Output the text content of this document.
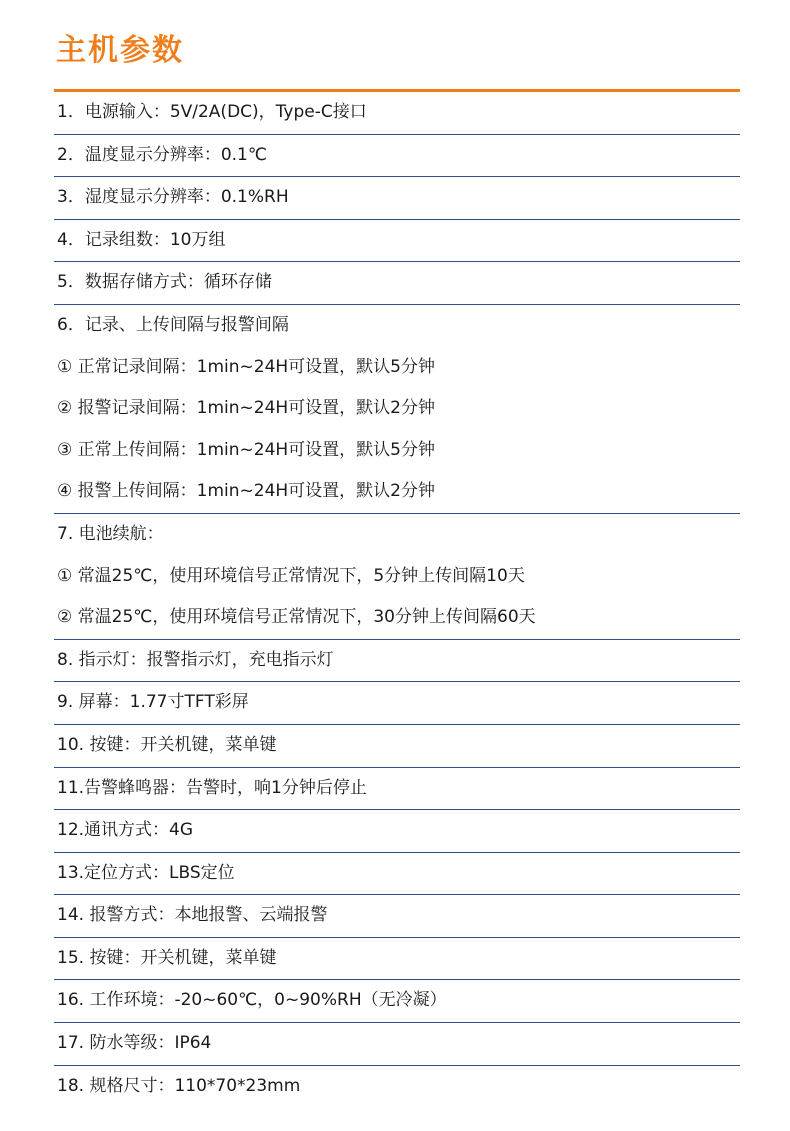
主机参数
1．电源输入：5V/2A(DC)，Type-C接口
2．温度显示分辨率：0.1℃
3．湿度显示分辨率：0.1%RH
4．记录组数：10万组
5．数据存储方式：循环存储
6．记录、上传间隔与报警间隔
① 正常记录间隔：1min~24H可设置，默认5分钟
② 报警记录间隔：1min~24H可设置，默认2分钟
③ 正常上传间隔：1min~24H可设置，默认5分钟
④ 报警上传间隔：1min~24H可设置，默认2分钟
7. 电池续航：
① 常温25℃，使用环境信号正常情况下，5分钟上传间隔10天
② 常温25℃，使用环境信号正常情况下，30分钟上传间隔60天
8. 指示灯：报警指示灯，充电指示灯
9. 屏幕：1.77寸TFT彩屏
10. 按键：开关机键，菜单键
11.告警蜂鸣器：告警时，响1分钟后停止
12.通讯方式：4G
13.定位方式：LBS定位
14. 报警方式：本地报警、云端报警
15. 按键：开关机键，菜单键
16. 工作环境：-20~60℃，0~90%RH（无冷凝）
17. 防水等级：IP64
18. 规格尺寸：110*70*23mm
